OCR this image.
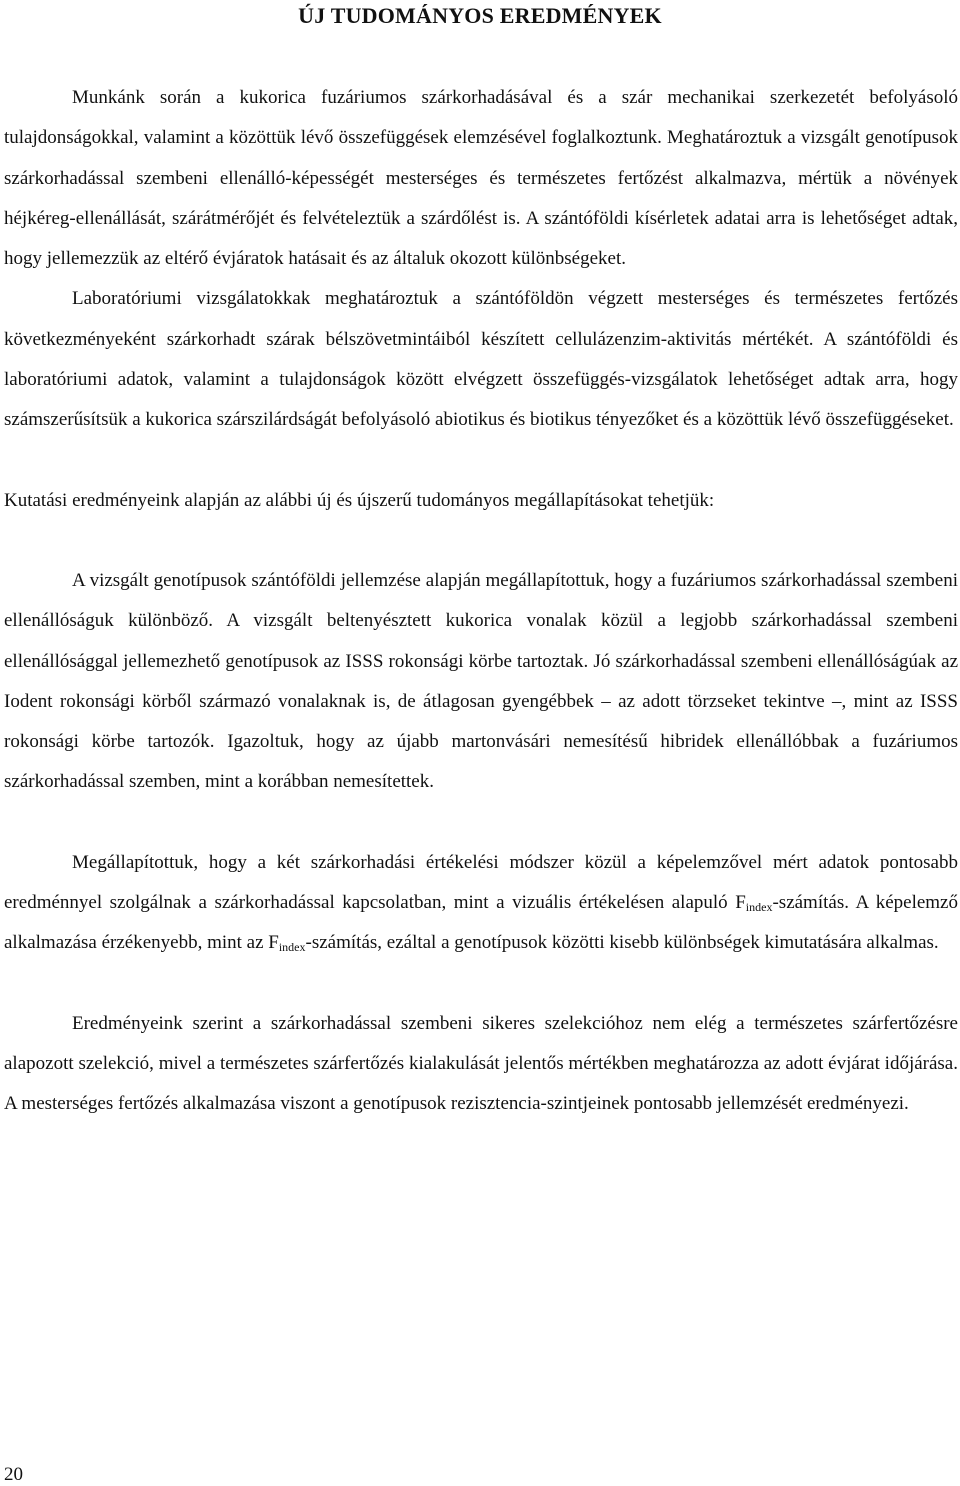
ÚJ TUDOMÁNYOS EREDMÉNYEK

Munkánk során a kukorica fuzáriumos szárkorhadásával és a szár mechanikai szerkezetét befolyásoló tulajdonságokkal, valamint a közöttük lévő összefüggések elemzésével foglalkoztunk. Meghatároztuk a vizsgált genotípusok szárkorhadással szembeni ellenálló-képességét mesterséges és természetes fertőzést alkalmazva, mértük a növények héjkéreg-ellenállását, szárátmérőjét és felvételeztük a szárdőlést is. A szántóföldi kísérletek adatai arra is lehetőséget adtak, hogy jellemezzük az eltérő évjáratok hatásait és az általuk okozott különbségeket.

Laboratóriumi vizsgálatokkak meghatároztuk a szántóföldön végzett mesterséges és természetes fertőzés következményeként szárkorhadt szárak bélszövetmintáiból készített cellulázenzim-aktivitás mértékét. A szántóföldi és laboratóriumi adatok, valamint a tulajdonságok között elvégzett összefüggés-vizsgálatok lehetőséget adtak arra, hogy számszerűsítsük a kukorica szárszilárdságát befolyásoló abiotikus és biotikus tényezőket és a közöttük lévő összefüggéseket.

Kutatási eredményeink alapján az alábbi új és újszerű tudományos megállapításokat tehetjük:

A vizsgált genotípusok szántóföldi jellemzése alapján megállapítottuk, hogy a fuzáriumos szárkorhadással szembeni ellenállóságuk különböző. A vizsgált beltenyésztett kukorica vonalak közül a legjobb szárkorhadással szembeni ellenállósággal jellemezhető genotípusok az ISSS rokonsági körbe tartoztak. Jó szárkorhadással szembeni ellenállóságúak az Iodent rokonsági körből származó vonalaknak is, de átlagosan gyengébbek – az adott törzseket tekintve –, mint az ISSS rokonsági körbe tartozók. Igazoltuk, hogy az újabb martonvásári nemesítésű hibridek ellenállóbbak a fuzáriumos szárkorhadással szemben, mint a korábban nemesítettek.

Megállapítottuk, hogy a két szárkorhadási értékelési módszer közül a képelemzővel mért adatok pontosabb eredménnyel szolgálnak a szárkorhadással kapcsolatban, mint a vizuális értékelésen alapuló $F_{index}$-számítás. A képelemző alkalmazása érzékenyebb, mint az $F_{index}$-számítás, ezáltal a genotípusok közötti kisebb különbségek kimutatására alkalmas.

Eredményeink szerint a szárkorhadással szembeni sikeres szelekcióhoz nem elég a természetes szárfertőzésre alapozott szelekció, mivel a természetes szárfertőzés kialakulását jelentős mértékben meghatározza az adott évjárat időjárása. A mesterséges fertőzés alkalmazása viszont a genotípusok rezisztencia-szintjeinek pontosabb jellemzését eredményezi.

20
